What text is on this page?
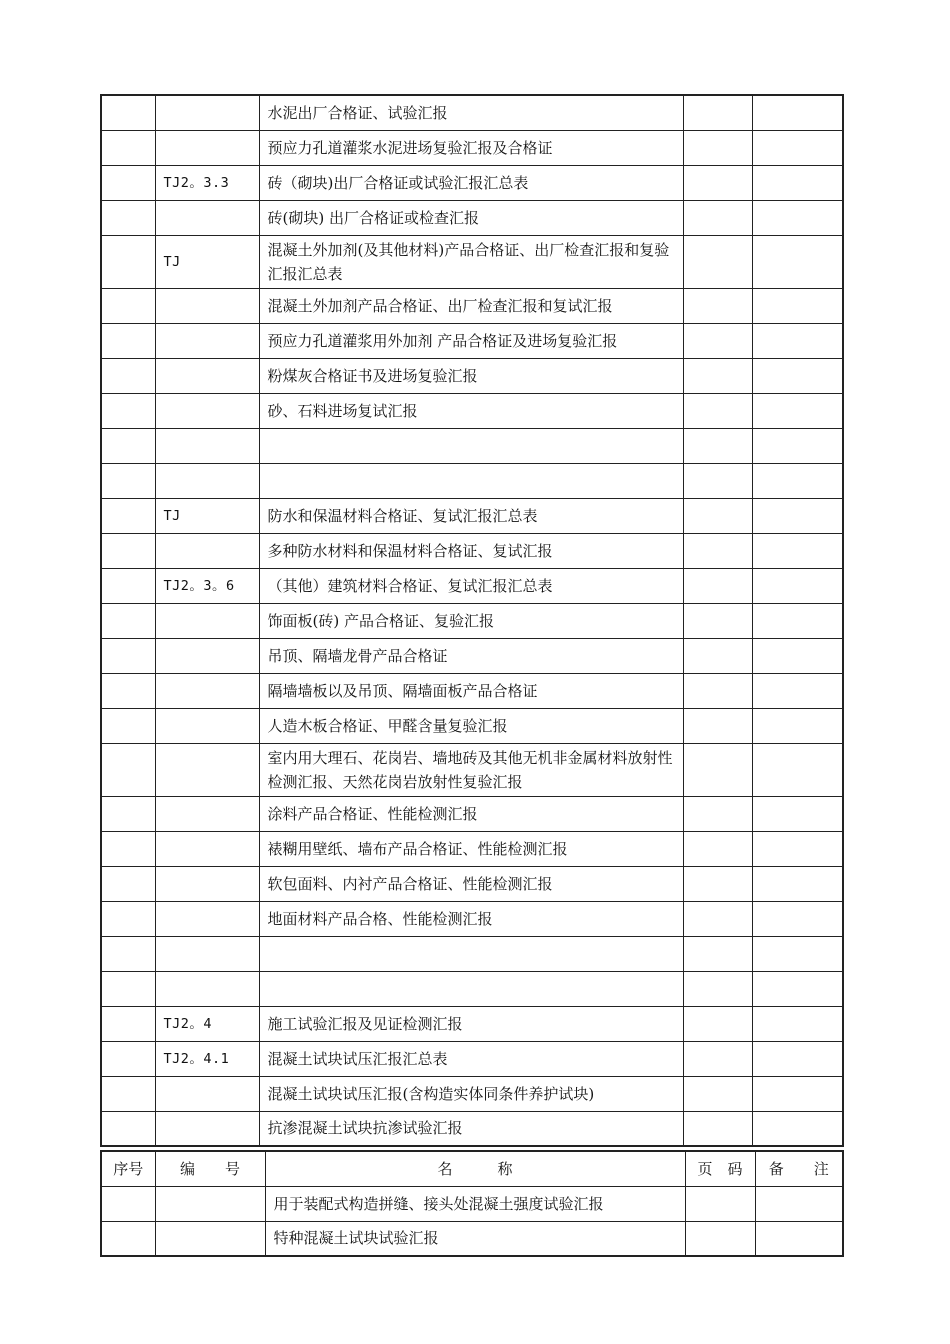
		水泥出厂合格证、试验汇报		
		预应力孔道灌浆水泥进场复验汇报及合格证		
	TJ2。3.3	砖（砌块)出厂合格证或试验汇报汇总表		
		砖(砌块) 出厂合格证或检查汇报		
	TJ	混凝土外加剂(及其他材料)产品合格证、出厂检查汇报和复验汇报汇总表		
		混凝土外加剂产品合格证、出厂检查汇报和复试汇报		
		预应力孔道灌浆用外加剂 产品合格证及进场复验汇报		
		粉煤灰合格证书及进场复验汇报		
		砂、石料进场复试汇报		

	TJ	防水和保温材料合格证、复试汇报汇总表		
		多种防水材料和保温材料合格证、复试汇报		
	TJ2。3。6	（其他）建筑材料合格证、复试汇报汇总表		
		饰面板(砖) 产品合格证、复验汇报		
		吊顶、隔墙龙骨产品合格证		
		隔墙墙板以及吊顶、隔墙面板产品合格证		
		人造木板合格证、甲醛含量复验汇报		
		室内用大理石、花岗岩、墙地砖及其他无机非金属材料放射性检测汇报、天然花岗岩放射性复验汇报		
		涂料产品合格证、性能检测汇报		
		裱糊用壁纸、墙布产品合格证、性能检测汇报		
		软包面料、内衬产品合格证、性能检测汇报		
		地面材料产品合格、性能检测汇报		

	TJ2。4	施工试验汇报及见证检测汇报		
	TJ2。4.1	混凝土试块试压汇报汇总表		
		混凝土试块试压汇报(含构造实体同条件养护试块)		
		抗渗混凝土试块抗渗试验汇报		
序号	编　　号	名　　　称	页　码	备　　注
		用于装配式构造拼缝、接头处混凝土强度试验汇报		
		特种混凝土试块试验汇报		
